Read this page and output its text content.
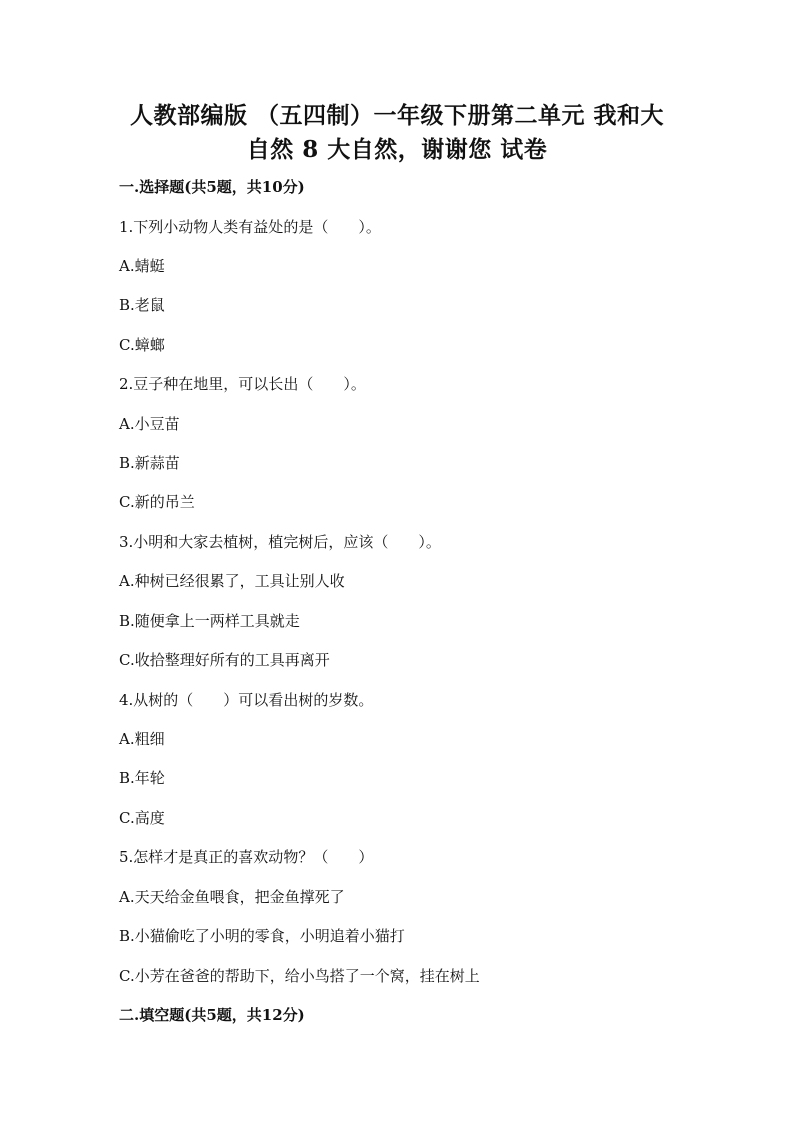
人教部编版 （五四制）一年级下册第二单元 我和大
自然 8 大自然，谢谢您 试卷
一.选择题(共5题，共10分)
1.下列小动物人类有益处的是（　　）。
A.蜻蜓
B.老鼠
C.蟑螂
2.豆子种在地里，可以长出（　　）。
A.小豆苗
B.新蒜苗
C.新的吊兰
3.小明和大家去植树，植完树后，应该（　　）。
A.种树已经很累了，工具让别人收
B.随便拿上一两样工具就走
C.收拾整理好所有的工具再离开
4.从树的（　　）可以看出树的岁数。
A.粗细
B.年轮
C.高度
5.怎样才是真正的喜欢动物？（　　）
A.天天给金鱼喂食，把金鱼撑死了
B.小猫偷吃了小明的零食，小明追着小猫打
C.小芳在爸爸的帮助下，给小鸟搭了一个窝，挂在树上
二.填空题(共5题，共12分)
